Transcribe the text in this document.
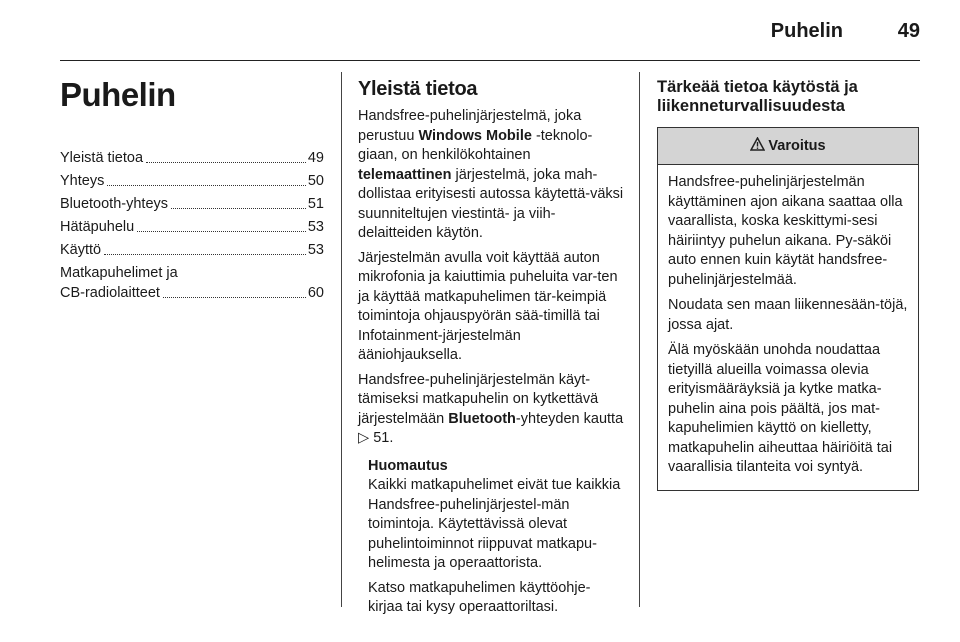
Puhelin	49
Puhelin
Yleistä tietoa	49
Yhteys	50
Bluetooth-yhteys	51
Hätäpuhelu	53
Käyttö	53
Matkapuhelimet ja
CB-radiolaitteet	60
Yleistä tietoa

Handsfree-puhelinjärjestelmä, joka perustuu Windows Mobile -teknolo-giaan, on henkilökohtainen telemaattinen järjestelmä, joka mah-dollistaa erityisesti autossa käytettä-väksi suunniteltujen viestintä- ja viih-delaitteiden käytön.

Järjestelmän avulla voit käyttää auton mikrofonia ja kaiuttimia puheluita var-ten ja käyttää matkapuhelimen tär-keimpiä toimintoja ohjauspyörän sää-timillä tai Infotainment-järjestelmän ääniohjauksella.

Handsfree-puhelinjärjestelmän käyt-tämiseksi matkapuhelin on kytkettävä järjestelmään Bluetooth-yhteyden kautta ▷ 51.

Huomautus

Kaikki matkapuhelimet eivät tue kaikkia Handsfree-puhelinjärjestel-män toimintoja. Käytettävissä olevat puhelintoiminnot riippuvat matkapu-helimesta ja operaattorista.

Katso matkapuhelimen käyttöohje-kirjaa tai kysy operaattoriltasi.

Tärkeää tietoa käytöstä ja
liikenneturvallisuudesta
Varoitus

Handsfree-puhelinjärjestelmän käyttäminen ajon aikana saattaa olla vaarallista, koska keskittymi-sesi häiriintyy puhelun aikana. Py-säköi auto ennen kuin käytät handsfree-puhelinjärjestelmää.

Noudata sen maan liikennesään-töjä, jossa ajat.

Älä myöskään unohda noudattaa tietyillä alueilla voimassa olevia erityismääräyksiä ja kytke matka-puhelin aina pois päältä, jos mat-kapuhelimien käyttö on kielletty, matkapuhelin aiheuttaa häiriöitä tai vaarallisia tilanteita voi syntyä.
